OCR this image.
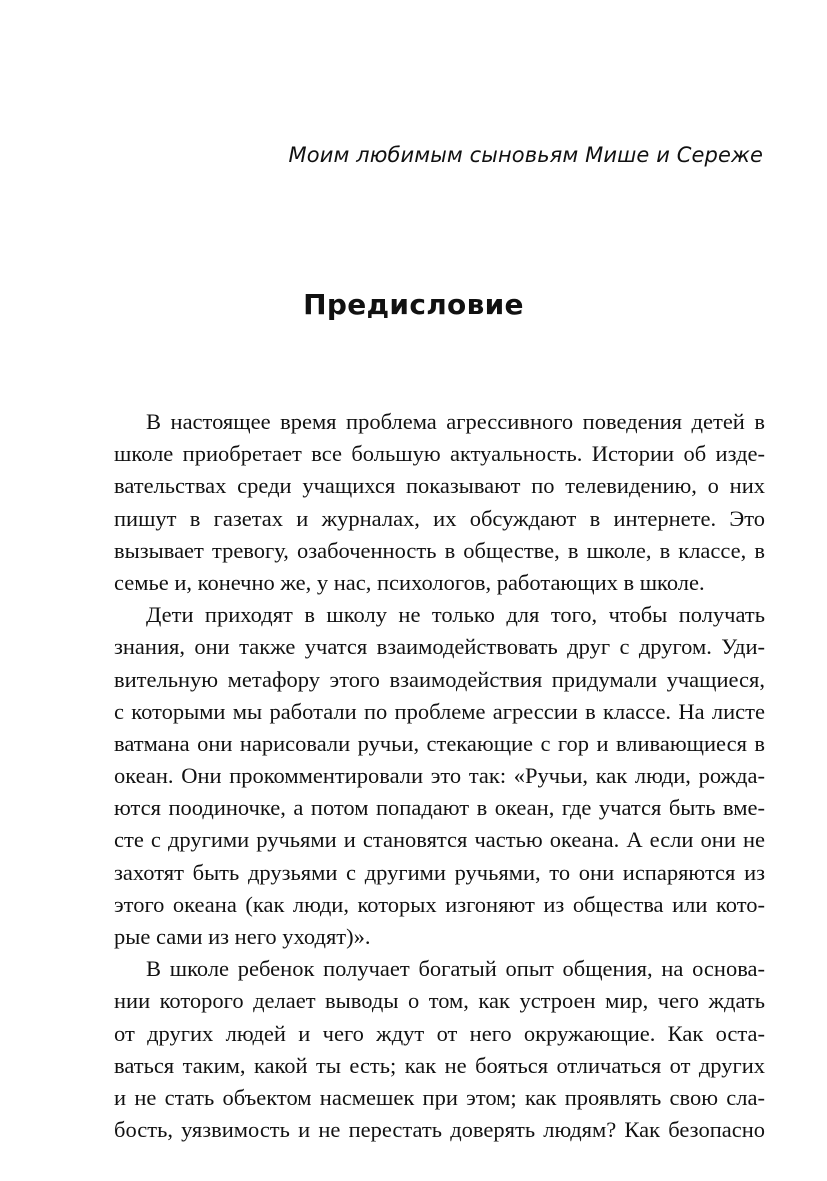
Моим любимым сыновьям Мише и Сереже
Предисловие
В настоящее время проблема агрессивного поведения детей в
школе приобретает все большую актуальность. Истории об изде-
вательствах среди учащихся показывают по телевидению, о них
пишут в газетах и журналах, их обсуждают в интернете. Это
вызывает тревогу, озабоченность в обществе, в школе, в классе, в
семье и, конечно же, у нас, психологов, работающих в школе.
Дети приходят в школу не только для того, чтобы получать
знания, они также учатся взаимодействовать друг с другом. Уди-
вительную метафору этого взаимодействия придумали учащиеся,
с которыми мы работали по проблеме агрессии в классе. На листе
ватмана они нарисовали ручьи, стекающие с гор и вливающиеся в
океан. Они прокомментировали это так: «Ручьи, как люди, рожда-
ются поодиночке, а потом попадают в океан, где учатся быть вме-
сте с другими ручьями и становятся частью океана. А если они не
захотят быть друзьями с другими ручьями, то они испаряются из
этого океана (как люди, которых изгоняют из общества или кото-
рые сами из него уходят)».
В школе ребенок получает богатый опыт общения, на основа-
нии которого делает выводы о том, как устроен мир, чего ждать
от других людей и чего ждут от него окружающие. Как оста-
ваться таким, какой ты есть; как не бояться отличаться от других
и не стать объектом насмешек при этом; как проявлять свою сла-
бость, уязвимость и не перестать доверять людям? Как безопасно
